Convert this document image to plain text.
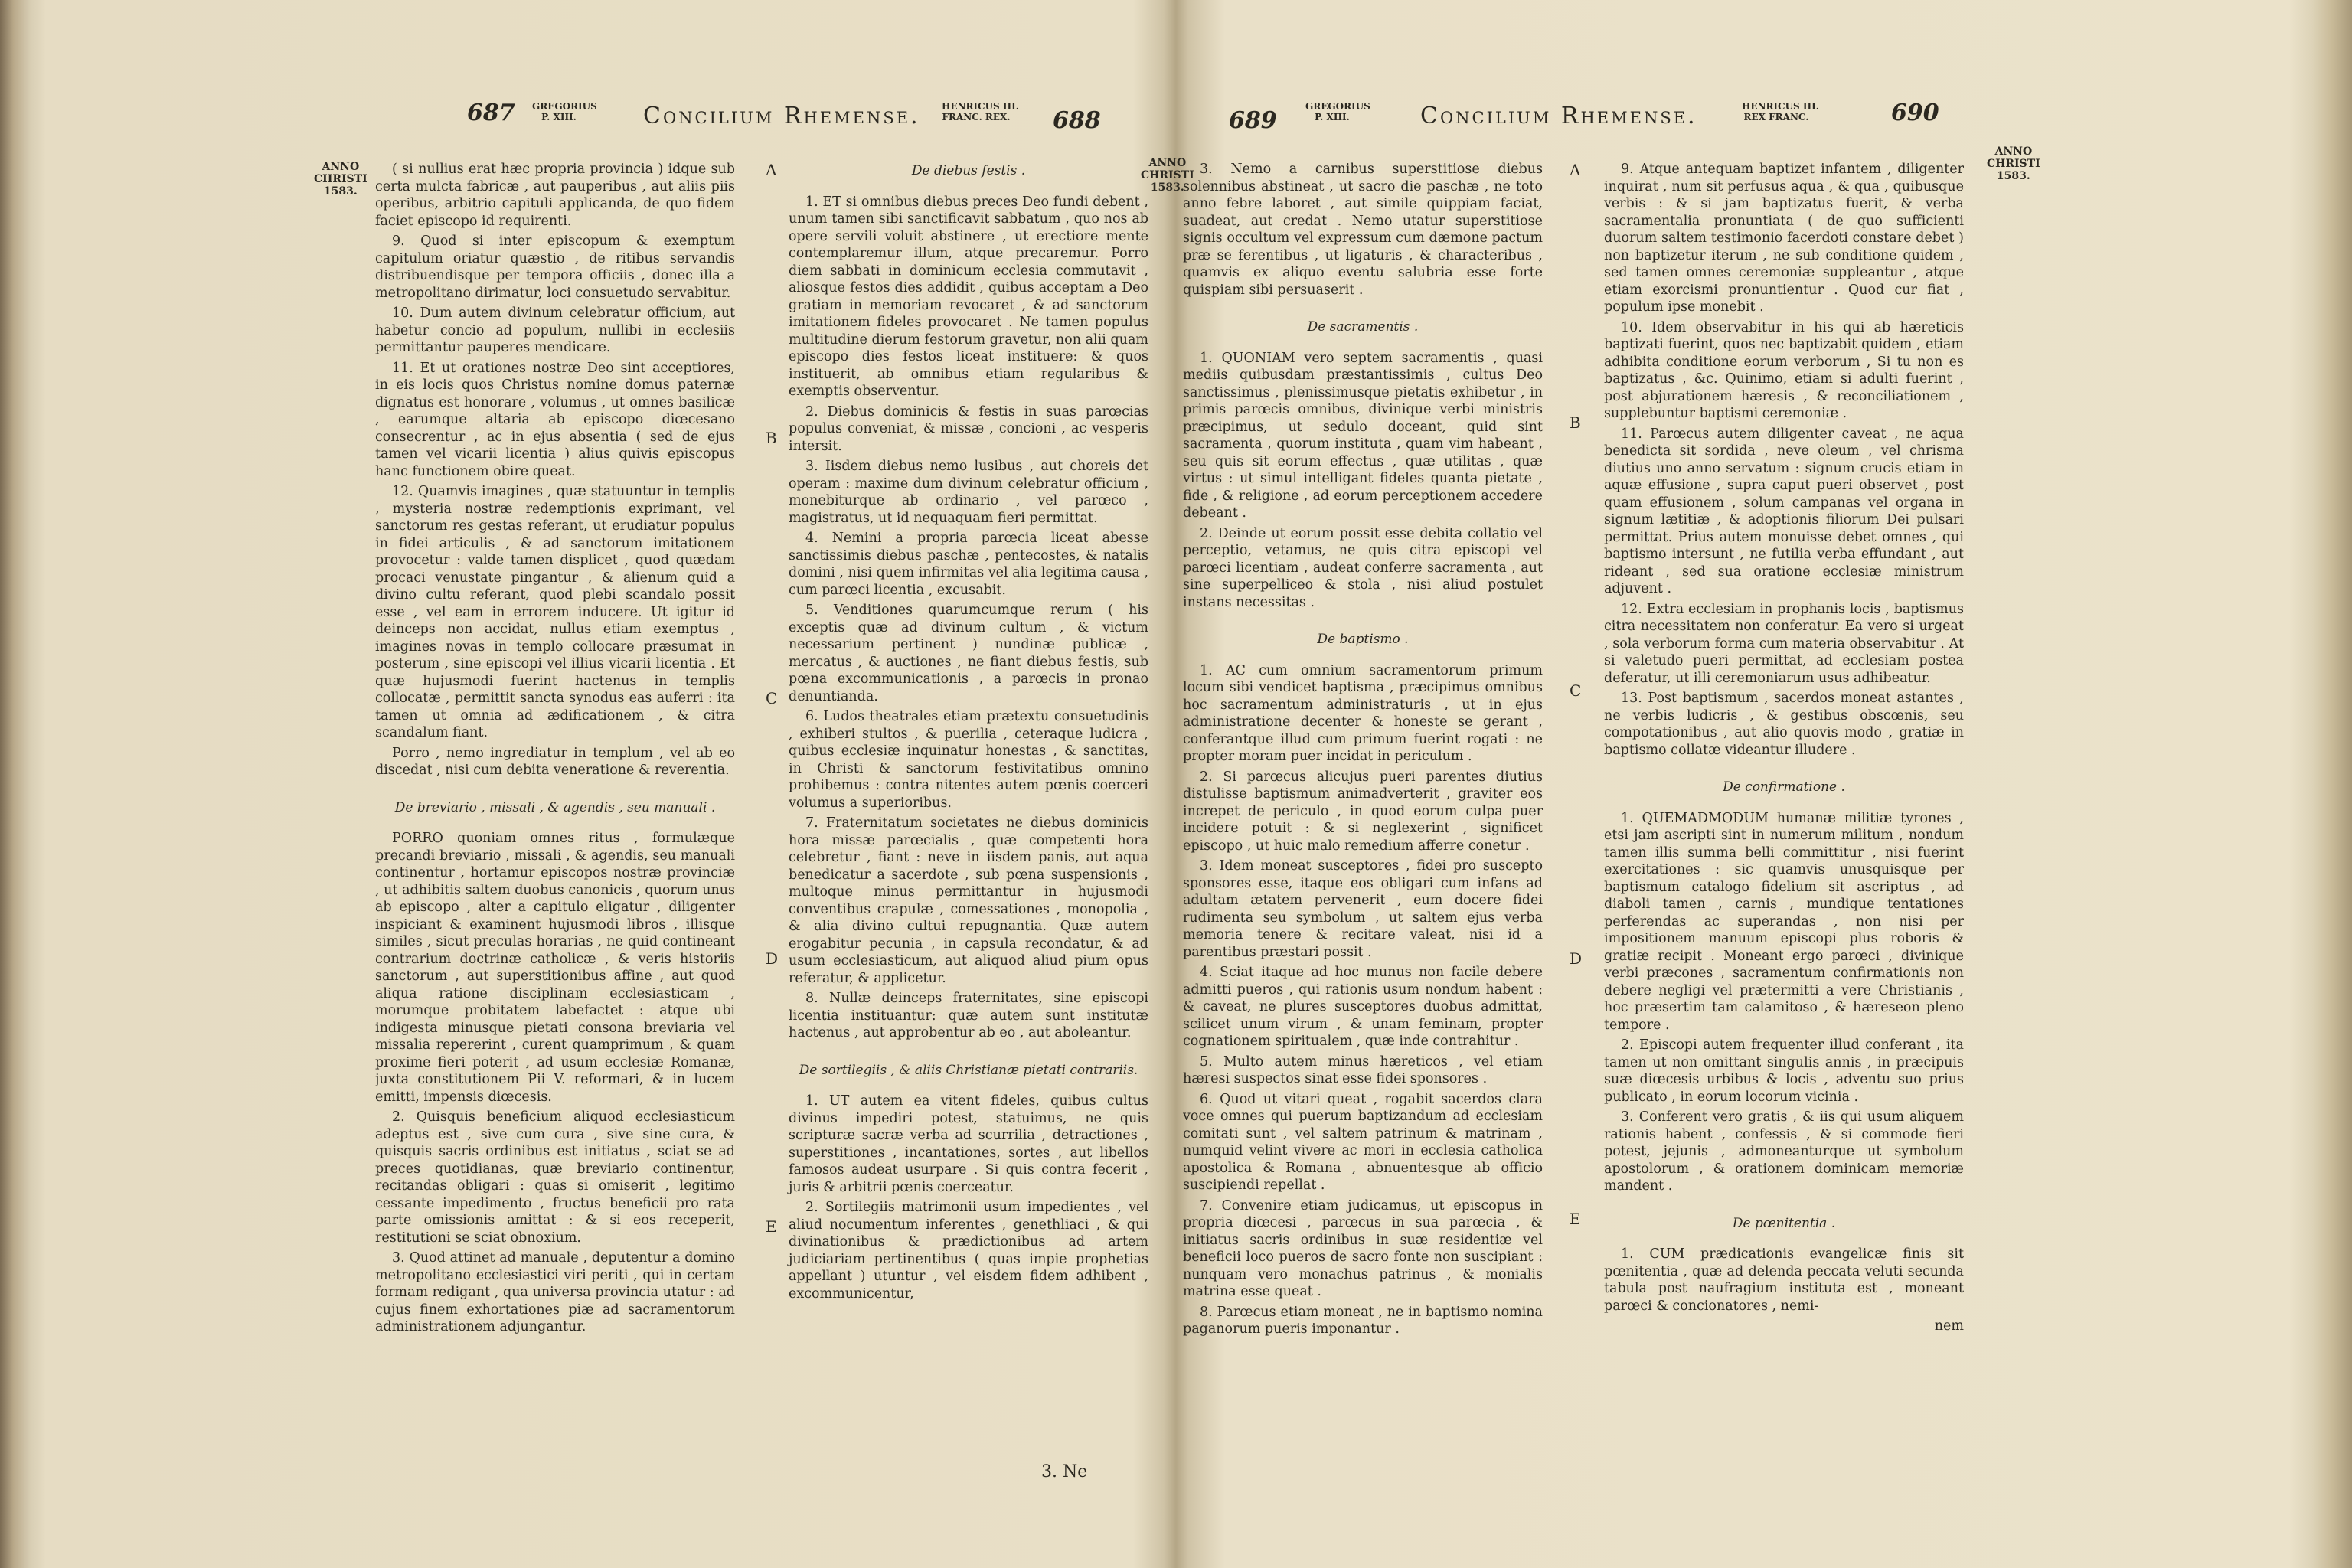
687 GREGORIUS
P. XIII.	Concilium Rhemense. HENRICUS III.
FRANC. REX. 688

( si nullius erat hæc propria provincia ) idque sub certa mulcta fabricæ , aut pauperibus , aut aliis piis operibus, arbitrio capituli applicanda, de quo fidem faciet episcopo id requirenti.

9. Quod si inter episcopum & exemptum capitulum oriatur quæstio , de ritibus servandis distribuendisque per tempora officiis , donec illa a metropolitano dirimatur, loci consuetudo servabitur.

10. Dum autem divinum celebratur officium, aut habetur concio ad populum, nullibi in ecclesiis permittantur pauperes mendicare.

11. Et ut orationes nostræ Deo sint acceptiores, in eis locis quos Christus nomine domus paternæ dignatus est honorare , volumus , ut omnes basilicæ , earumque altaria ab episcopo diœcesano consecrentur , ac in ejus absentia ( sed de ejus tamen vel vicarii licentia ) alius quivis episcopus hanc functionem obire queat.

12. Quamvis imagines , quæ statuuntur in templis , mysteria nostræ redemptionis exprimant, vel sanctorum res gestas referant, ut erudiatur populus in fidei articulis , & ad sanctorum imitationem provocetur : valde tamen displicet , quod quædam procaci venustate pingantur , & alienum quid a divino cultu referant, quod plebi scandalo possit esse , vel eam in errorem inducere. Ut igitur id deinceps non accidat, nullus etiam exemptus , imagines novas in templo collocare præsumat in posterum , sine episcopi vel illius vicarii licentia . Et quæ hujusmodi fuerint hactenus in templis collocatæ , permittit sancta synodus eas auferri : ita tamen ut omnia ad ædificationem , & citra scandalum fiant.

Porro , nemo ingrediatur in templum , vel ab eo discedat , nisi cum debita veneratione & reverentia.

De breviario , missali , & agendis , seu manuali .

PORRO quoniam omnes ritus , formulæque precandi breviario , missali , & agendis, seu manuali continentur , hortamur episcopos nostræ provinciæ , ut adhibitis saltem duobus canonicis , quorum unus ab episcopo , alter a capitulo eligatur , diligenter inspiciant & examinent hujusmodi libros , illisque similes , sicut preculas horarias , ne quid contineant contrarium doctrinæ catholicæ , & veris historiis sanctorum , aut superstitionibus affine , aut quod aliqua ratione disciplinam ecclesiasticam , morumque probitatem labefactet : atque ubi indigesta minusque pietati consona breviaria vel missalia repererint , curent quamprimum , & quam proxime fieri poterit , ad usum ecclesiæ Romanæ, juxta constitutionem Pii V. reformari, & in lucem emitti, impensis diœcesis.

2. Quisquis beneficium aliquod ecclesiasticum adeptus est , sive cum cura , sive sine cura, & quisquis sacris ordinibus est initiatus , sciat se ad preces quotidianas, quæ breviario continentur, recitandas obligari : quas si omiserit , legitimo cessante impedimento , fructus beneficii pro rata parte omissionis amittat : & si eos receperit, restitutioni se sciat obnoxium.

3. Quod attinet ad manuale , deputentur a domino metropolitano ecclesiastici viri periti , qui in certam formam redigant , qua universa provincia utatur : ad cujus finem exhortationes piæ ad sacramentorum administrationem adjungantur.

De diebus festis .

1. ET si omnibus diebus preces Deo fundi debent , unum tamen sibi sanctificavit sabbatum , quo nos ab opere servili voluit abstinere , ut erectiore mente contemplaremur illum, atque precaremur. Porro diem sabbati in dominicum ecclesia commutavit , aliosque festos dies addidit , quibus acceptam a Deo gratiam in memoriam revocaret , & ad sanctorum imitationem fideles provocaret . Ne tamen populus multitudine dierum festorum gravetur, non alii quam episcopo dies festos liceat instituere: & quos instituerit, ab omnibus etiam regularibus & exemptis observentur.

2. Diebus dominicis & festis in suas parœcias populus conveniat, & missæ , concioni , ac vesperis intersit.

3. Iisdem diebus nemo lusibus , aut choreis det operam : maxime dum divinum celebratur officium , monebiturque ab ordinario , vel parœco , magistratus, ut id nequaquam fieri permittat.

4. Nemini a propria parœcia liceat abesse sanctissimis diebus paschæ , pentecostes, & natalis domini , nisi quem infirmitas vel alia legitima causa , cum parœci licentia , excusabit.

5. Venditiones quarumcumque rerum ( his exceptis quæ ad divinum cultum , & victum necessarium pertinent ) nundinæ publicæ , mercatus , & auctiones , ne fiant diebus festis, sub pœna excommunicationis , a parœcis in pronao denuntianda.

6. Ludos theatrales etiam prætextu consuetudinis , exhiberi stultos , & puerilia , ceteraque ludicra , quibus ecclesiæ inquinatur honestas , & sanctitas, in Christi & sanctorum festivitatibus omnino prohibemus : contra nitentes autem pœnis coerceri volumus a superioribus.

7. Fraternitatum societates ne diebus dominicis hora missæ parœcialis , quæ competenti hora celebretur , fiant : neve in iisdem panis, aut aqua benedicatur a sacerdote , sub pœna suspensionis , multoque minus permittantur in hujusmodi conventibus crapulæ , comessationes , monopolia , & alia divino cultui repugnantia. Quæ autem erogabitur pecunia , in capsula recondatur, & ad usum ecclesiasticum, aut aliquod aliud pium opus referatur, & applicetur.

8. Nullæ deinceps fraternitates, sine episcopi licentia instituantur: quæ autem sunt institutæ hactenus , aut approbentur ab eo , aut aboleantur.

De sortilegiis , & aliis Christianæ pietati contrariis.

1. UT autem ea vitent fideles, quibus cultus divinus impediri potest, statuimus, ne quis scripturæ sacræ verba ad scurrilia , detractiones , superstitiones , incantationes, sortes , aut libellos famosos audeat usurpare . Si quis contra fecerit , juris & arbitrii pœnis coerceatur.

2. Sortilegiis matrimonii usum impedientes , vel aliud nocumentum inferentes , genethliaci , & qui divinationibus & prædictionibus ad artem judiciariam pertinentibus ( quas impie prophetias appellant ) utuntur , vel eisdem fidem adhibent , excommunicentur,

3. Ne
A
B
C
D
E
ANNO
CHRISTI
1583.
689
GREGORIUS
P. XIII.	Concilium Rhemense.	HENRICUS III.
REX FRANC.	690

3. Nemo a carnibus superstitiose diebus solennibus abstineat , ut sacro die paschæ , ne toto anno febre laboret , aut simile quippiam faciat, suadeat, aut credat . Nemo utatur superstitiose signis occultum vel expressum cum dæmone pactum præ se ferentibus , ut ligaturis , & characteribus , quamvis ex aliquo eventu salubria esse forte quispiam sibi persuaserit .

De sacramentis .

1. QUONIAM vero septem sacramentis , quasi mediis quibusdam præstantissimis , cultus Deo sanctissimus , plenissimusque pietatis exhibetur , in primis parœcis omnibus, divinique verbi ministris præcipimus, ut sedulo doceant, quid sint sacramenta , quorum instituta , quam vim habeant , seu quis sit eorum effectus , quæ utilitas , quæ virtus : ut simul intelligant fideles quanta pietate , fide , & religione , ad eorum perceptionem accedere debeant .

2. Deinde ut eorum possit esse debita collatio vel perceptio, vetamus, ne quis citra episcopi vel parœci licentiam , audeat conferre sacramenta , aut sine superpelliceo & stola , nisi aliud postulet instans necessitas .

De baptismo .

1. AC cum omnium sacramentorum primum locum sibi vendicet baptisma , præcipimus omnibus hoc sacramentum administraturis , ut in ejus administratione decenter & honeste se gerant , conferantque illud cum primum fuerint rogati : ne propter moram puer incidat in periculum .

2. Si parœcus alicujus pueri parentes diutius distulisse baptismum animadverterit , graviter eos increpet de periculo , in quod eorum culpa puer incidere potuit : & si neglexerint , significet episcopo , ut huic malo remedium afferre conetur .

3. Idem moneat susceptores , fidei pro suscepto sponsores esse, itaque eos obligari cum infans ad adultam ætatem pervenerit , eum docere fidei rudimenta seu symbolum , ut saltem ejus verba memoria tenere & recitare valeat, nisi id a parentibus præstari possit .

4. Sciat itaque ad hoc munus non facile debere admitti pueros , qui rationis usum nondum habent : & caveat, ne plures susceptores duobus admittat, scilicet unum virum , & unam feminam, propter cognationem spiritualem , quæ inde contrahitur .

5. Multo autem minus hæreticos , vel etiam hæresi suspectos sinat esse fidei sponsores .

6. Quod ut vitari queat , rogabit sacerdos clara voce omnes qui puerum baptizandum ad ecclesiam comitati sunt , vel saltem patrinum & matrinam , numquid velint vivere ac mori in ecclesia catholica apostolica & Romana , abnuentesque ab officio suscipiendi repellat .

7. Convenire etiam judicamus, ut episcopus in propria diœcesi , parœcus in sua parœcia , & initiatus sacris ordinibus in suæ residentiæ vel beneficii loco pueros de sacro fonte non suscipiant : nunquam vero monachus patrinus , & monialis matrina esse queat .

8. Parœcus etiam moneat , ne in baptismo nomina paganorum pueris imponantur .

9. Atque antequam baptizet infantem , diligenter inquirat , num sit perfusus aqua , & qua , quibusque verbis : & si jam baptizatus fuerit, & verba sacramentalia pronuntiata ( de quo sufficienti duorum saltem testimonio facerdoti constare debet ) non baptizetur iterum , ne sub conditione quidem , sed tamen omnes ceremoniæ suppleantur , atque etiam exorcismi pronuntientur . Quod cur fiat , populum ipse monebit .

10. Idem observabitur in his qui ab hæreticis baptizati fuerint, quos nec baptizabit quidem , etiam adhibita conditione eorum verborum , Si tu non es baptizatus , &c. Quinimo, etiam si adulti fuerint , post abjurationem hæresis , & reconciliationem , supplebuntur baptismi ceremoniæ .

11. Parœcus autem diligenter caveat , ne aqua benedicta sit sordida , neve oleum , vel chrisma diutius uno anno servatum : signum crucis etiam in aquæ effusione , supra caput pueri observet , post quam effusionem , solum campanas vel organa in signum lætitiæ , & adoptionis filiorum Dei pulsari permittat. Prius autem monuisse debet omnes , qui baptismo intersunt , ne futilia verba effundant , aut rideant , sed sua oratione ecclesiæ ministrum adjuvent .

12. Extra ecclesiam in prophanis locis , baptismus citra necessitatem non conferatur. Ea vero si urgeat , sola verborum forma cum materia observabitur . At si valetudo pueri permittat, ad ecclesiam postea deferatur, ut illi ceremoniarum usus adhibeatur.

13. Post baptismum , sacerdos moneat astantes , ne verbis ludicris , & gestibus obscœnis, seu compotationibus , aut alio quovis modo , gratiæ in baptismo collatæ videantur illudere .

De confirmatione .

1. QUEMADMODUM humanæ militiæ tyrones , etsi jam ascripti sint in numerum militum , nondum tamen illis summa belli committitur , nisi fuerint exercitationes : sic quamvis unusquisque per baptismum catalogo fidelium sit ascriptus , ad diaboli tamen , carnis , mundique tentationes perferendas ac superandas , non nisi per impositionem manuum episcopi plus roboris & gratiæ recipit . Moneant ergo parœci , divinique verbi præcones , sacramentum confirmationis non debere negligi vel prætermitti a vere Christianis , hoc præsertim tam calamitoso , & hæreseon pleno tempore .

2. Episcopi autem frequenter illud conferant , ita tamen ut non omittant singulis annis , in præcipuis suæ diœcesis urbibus & locis , adventu suo prius publicato , in eorum locorum vicinia .

3. Conferent vero gratis , & iis qui usum aliquem rationis habent , confessis , & si commode fieri potest, jejunis , admoneanturque ut symbolum apostolorum , & orationem dominicam memoriæ mandent .

De pœnitentia .

1. CUM prædicationis evangelicæ finis sit pœnitentia , quæ ad delenda peccata veluti secunda tabula post naufragium instituta est , moneant parœci & concionatores , nemi-

nem
A
B
C
D
E
ANNO
CHRISTI
1583.
ANNO
CHRISTI
1583.
